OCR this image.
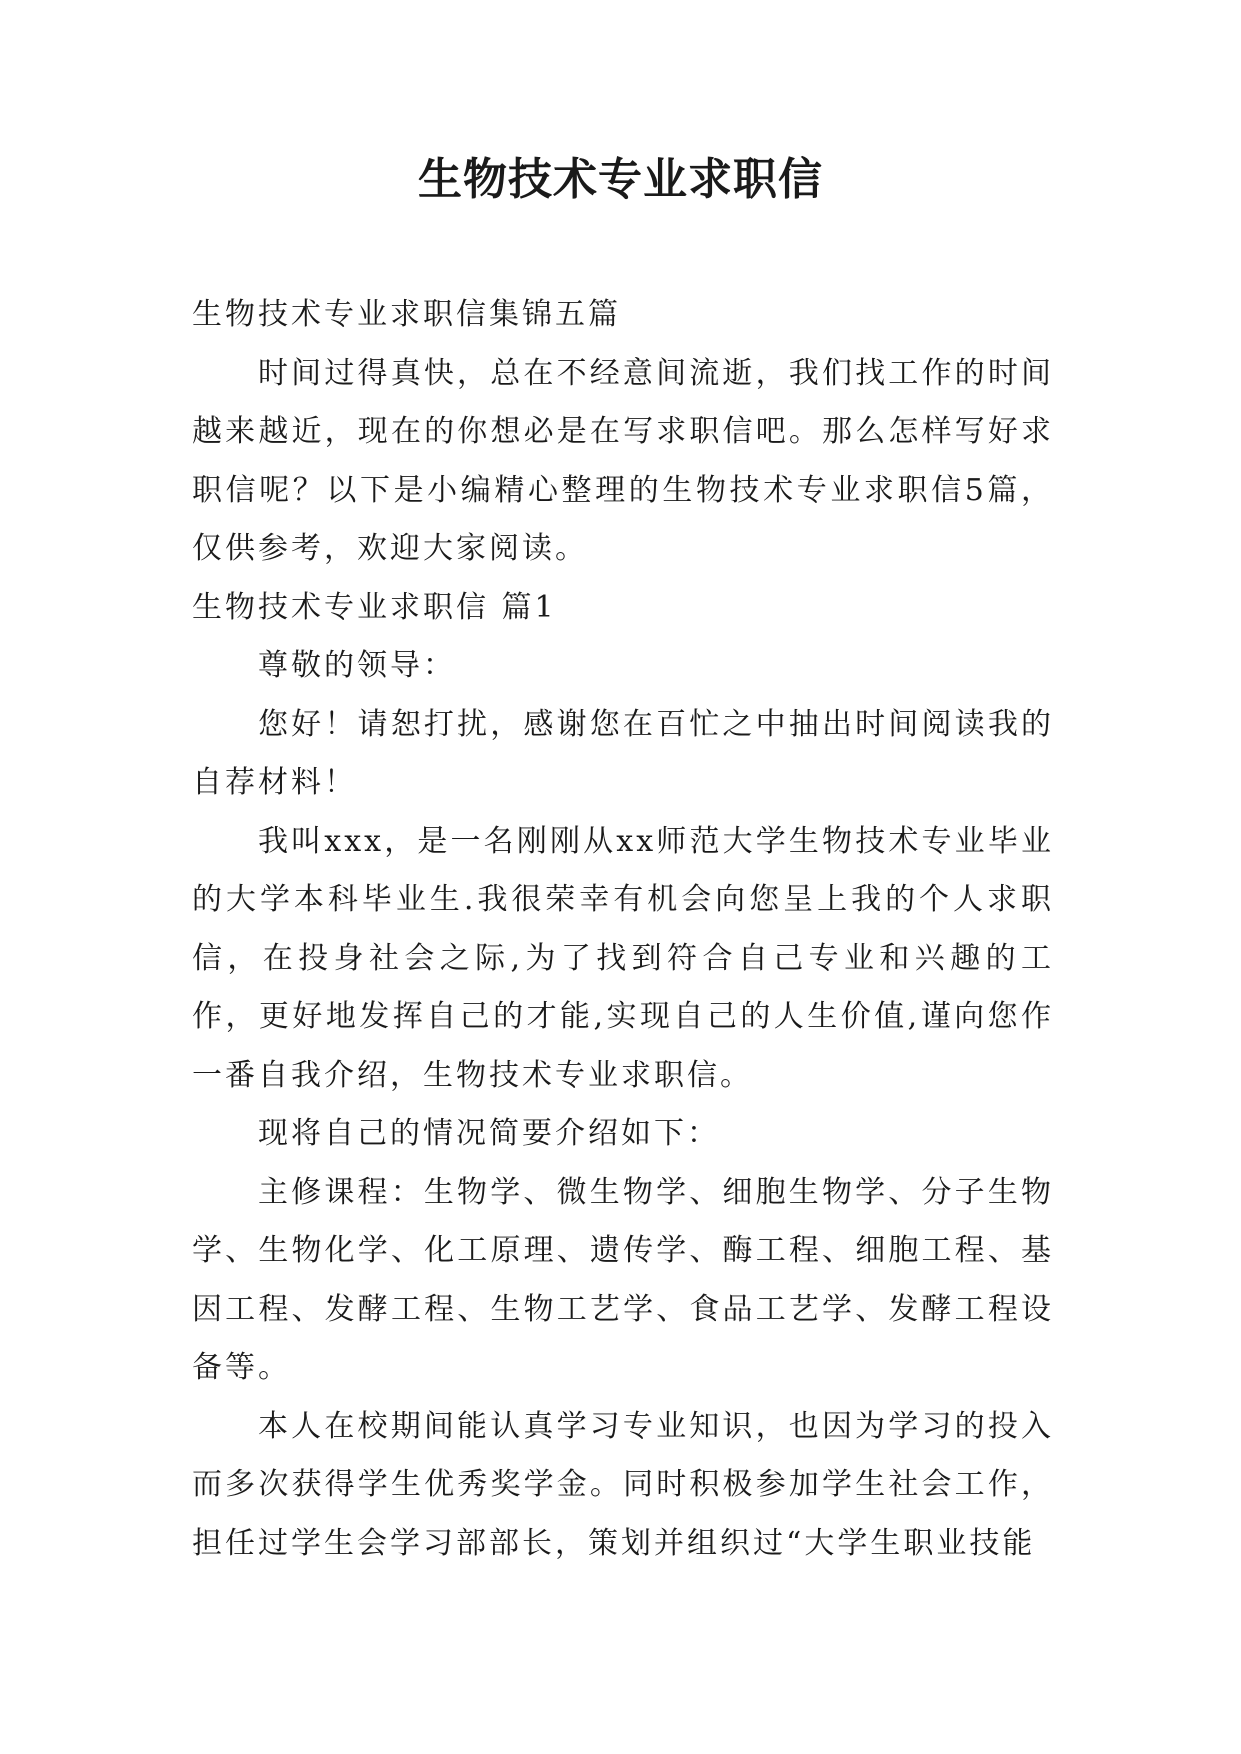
生物技术专业求职信

生物技术专业求职信集锦五篇

时间过得真快，总在不经意间流逝，我们找工作的时间越来越近，现在的你想必是在写求职信吧。那么怎样写好求职信呢？以下是小编精心整理的生物技术专业求职信5篇，仅供参考，欢迎大家阅读。

生物技术专业求职信 篇1

尊敬的领导：

您好！请恕打扰，感谢您在百忙之中抽出时间阅读我的自荐材料！

我叫xxx，是一名刚刚从xx师范大学生物技术专业毕业的大学本科毕业生.我很荣幸有机会向您呈上我的个人求职信，在投身社会之际,为了找到符合自己专业和兴趣的工作，更好地发挥自己的才能,实现自己的人生价值,谨向您作一番自我介绍，生物技术专业求职信。

现将自己的情况简要介绍如下：

主修课程：生物学、微生物学、细胞生物学、分子生物学、生物化学、化工原理、遗传学、酶工程、细胞工程、基因工程、发酵工程、生物工艺学、食品工艺学、发酵工程设备等。

本人在校期间能认真学习专业知识，也因为学习的投入而多次获得学生优秀奖学金。同时积极参加学生社会工作，担任过学生会学习部部长，策划并组织过“大学生职业技能
